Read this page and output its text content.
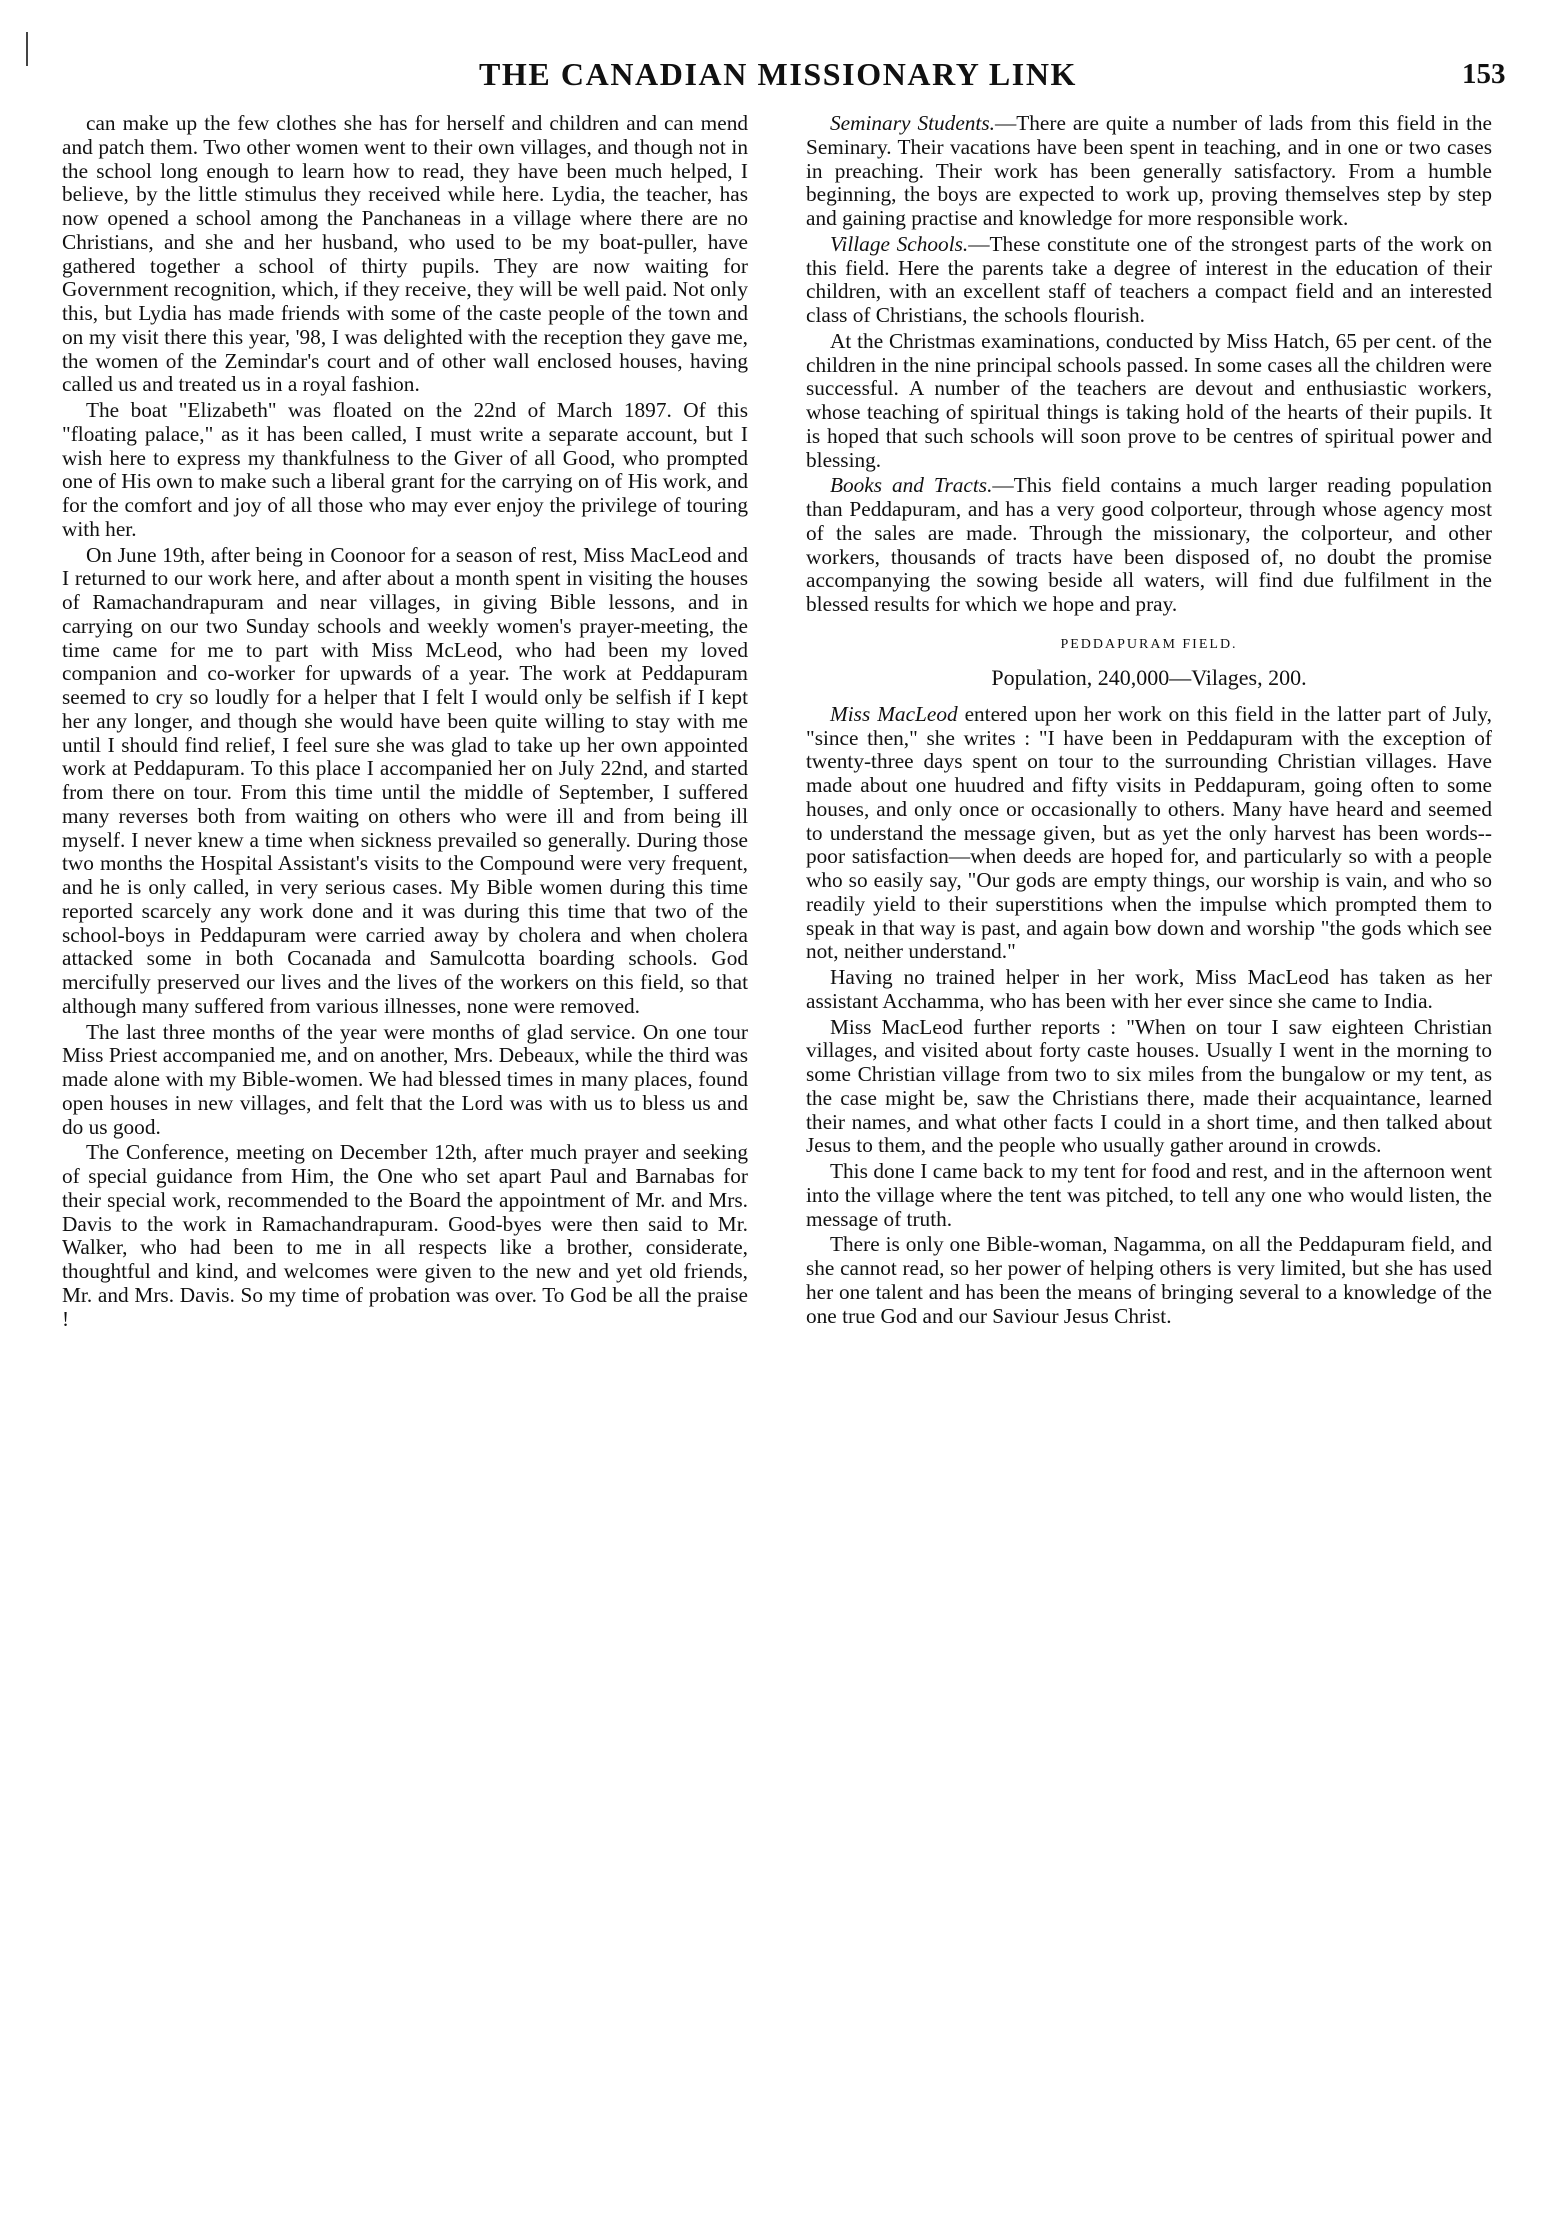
THE CANADIAN MISSIONARY LINK	153

can make up the few clothes she has for herself and children and can mend and patch them. Two other women went to their own villages, and though not in the school long enough to learn how to read, they have been much helped, I believe, by the little stimulus they received while here. Lydia, the teacher, has now opened a school among the Panchaneas in a village where there are no Christians, and she and her husband, who used to be my boat-puller, have gathered together a school of thirty pupils. They are now waiting for Government recognition, which, if they receive, they will be well paid. Not only this, but Lydia has made friends with some of the caste people of the town and on my visit there this year, '98, I was delighted with the reception they gave me, the women of the Zemindar's court and of other wall enclosed houses, having called us and treated us in a royal fashion.

The boat "Elizabeth" was floated on the 22nd of March 1897. Of this "floating palace," as it has been called, I must write a separate account, but I wish here to express my thankfulness to the Giver of all Good, who prompted one of His own to make such a liberal grant for the carrying on of His work, and for the comfort and joy of all those who may ever enjoy the privilege of touring with her.

On June 19th, after being in Coonoor for a season of rest, Miss MacLeod and I returned to our work here, and after about a month spent in visiting the houses of Ramachandrapuram and near villages, in giving Bible lessons, and in carrying on our two Sunday schools and weekly women's prayer-meeting, the time came for me to part with Miss McLeod, who had been my loved companion and co-worker for upwards of a year. The work at Peddapuram seemed to cry so loudly for a helper that I felt I would only be selfish if I kept her any longer, and though she would have been quite willing to stay with me until I should find relief, I feel sure she was glad to take up her own appointed work at Peddapuram. To this place I accompanied her on July 22nd, and started from there on tour. From this time until the middle of September, I suffered many reverses both from waiting on others who were ill and from being ill myself. I never knew a time when sickness prevailed so generally. During those two months the Hospital Assistant's visits to the Compound were very frequent, and he is only called, in very serious cases. My Bible women during this time reported scarcely any work done and it was during this time that two of the school-boys in Peddapuram were carried away by cholera and when cholera attacked some in both Cocanada and Samulcotta boarding schools. God mercifully preserved our lives and the lives of the workers on this field, so that although many suffered from various illnesses, none were removed.

The last three months of the year were months of glad service. On one tour Miss Priest accompanied me, and on another, Mrs. Debeaux, while the third was made alone with my Bible-women. We had blessed times in many places, found open houses in new villages, and felt that the Lord was with us to bless us and do us good.

The Conference, meeting on December 12th, after much prayer and seeking of special guidance from Him, the One who set apart Paul and Barnabas for their special work, recommended to the Board the appointment of Mr. and Mrs. Davis to the work in Ramachandrapuram. Good-byes were then said to Mr. Walker, who had been to me in all respects like a brother, considerate, thoughtful and kind, and welcomes were given to the new and yet old friends, Mr. and Mrs. Davis. So my time of probation was over. To God be all the praise !

Seminary Students.—There are quite a number of lads from this field in the Seminary. Their vacations have been spent in teaching, and in one or two cases in preaching. Their work has been generally satisfactory. From a humble beginning, the boys are expected to work up, proving themselves step by step and gaining practise and knowledge for more responsible work.

Village Schools.—These constitute one of the strongest parts of the work on this field. Here the parents take a degree of interest in the education of their children, with an excellent staff of teachers a compact field and an interested class of Christians, the schools flourish.

At the Christmas examinations, conducted by Miss Hatch, 65 per cent. of the children in the nine principal schools passed. In some cases all the children were successful. A number of the teachers are devout and enthusiastic workers, whose teaching of spiritual things is taking hold of the hearts of their pupils. It is hoped that such schools will soon prove to be centres of spiritual power and blessing.

Books and Tracts.—This field contains a much larger reading population than Peddapuram, and has a very good colporteur, through whose agency most of the sales are made. Through the missionary, the colporteur, and other workers, thousands of tracts have been disposed of, no doubt the promise accompanying the sowing beside all waters, will find due fulfilment in the blessed results for which we hope and pray.

PEDDAPURAM FIELD.
Population, 240,000—Vilages, 200.

Miss MacLeod entered upon her work on this field in the latter part of July, "since then," she writes : "I have been in Peddapuram with the exception of twenty-three days spent on tour to the surrounding Christian villages. Have made about one huudred and fifty visits in Peddapuram, going often to some houses, and only once or occasionally to others. Many have heard and seemed to understand the message given, but as yet the only harvest has been words--poor satisfaction—when deeds are hoped for, and particularly so with a people who so easily say, "Our gods are empty things, our worship is vain, and who so readily yield to their superstitions when the impulse which prompted them to speak in that way is past, and again bow down and worship "the gods which see not, neither understand."

Having no trained helper in her work, Miss MacLeod has taken as her assistant Acchamma, who has been with her ever since she came to India.

Miss MacLeod further reports : "When on tour I saw eighteen Christian villages, and visited about forty caste houses. Usually I went in the morning to some Christian village from two to six miles from the bungalow or my tent, as the case might be, saw the Christians there, made their acquaintance, learned their names, and what other facts I could in a short time, and then talked about Jesus to them, and the people who usually gather around in crowds.

This done I came back to my tent for food and rest, and in the afternoon went into the village where the tent was pitched, to tell any one who would listen, the message of truth.

There is only one Bible-woman, Nagamma, on all the Peddapuram field, and she cannot read, so her power of helping others is very limited, but she has used her one talent and has been the means of bringing several to a knowledge of the one true God and our Saviour Jesus Christ.
